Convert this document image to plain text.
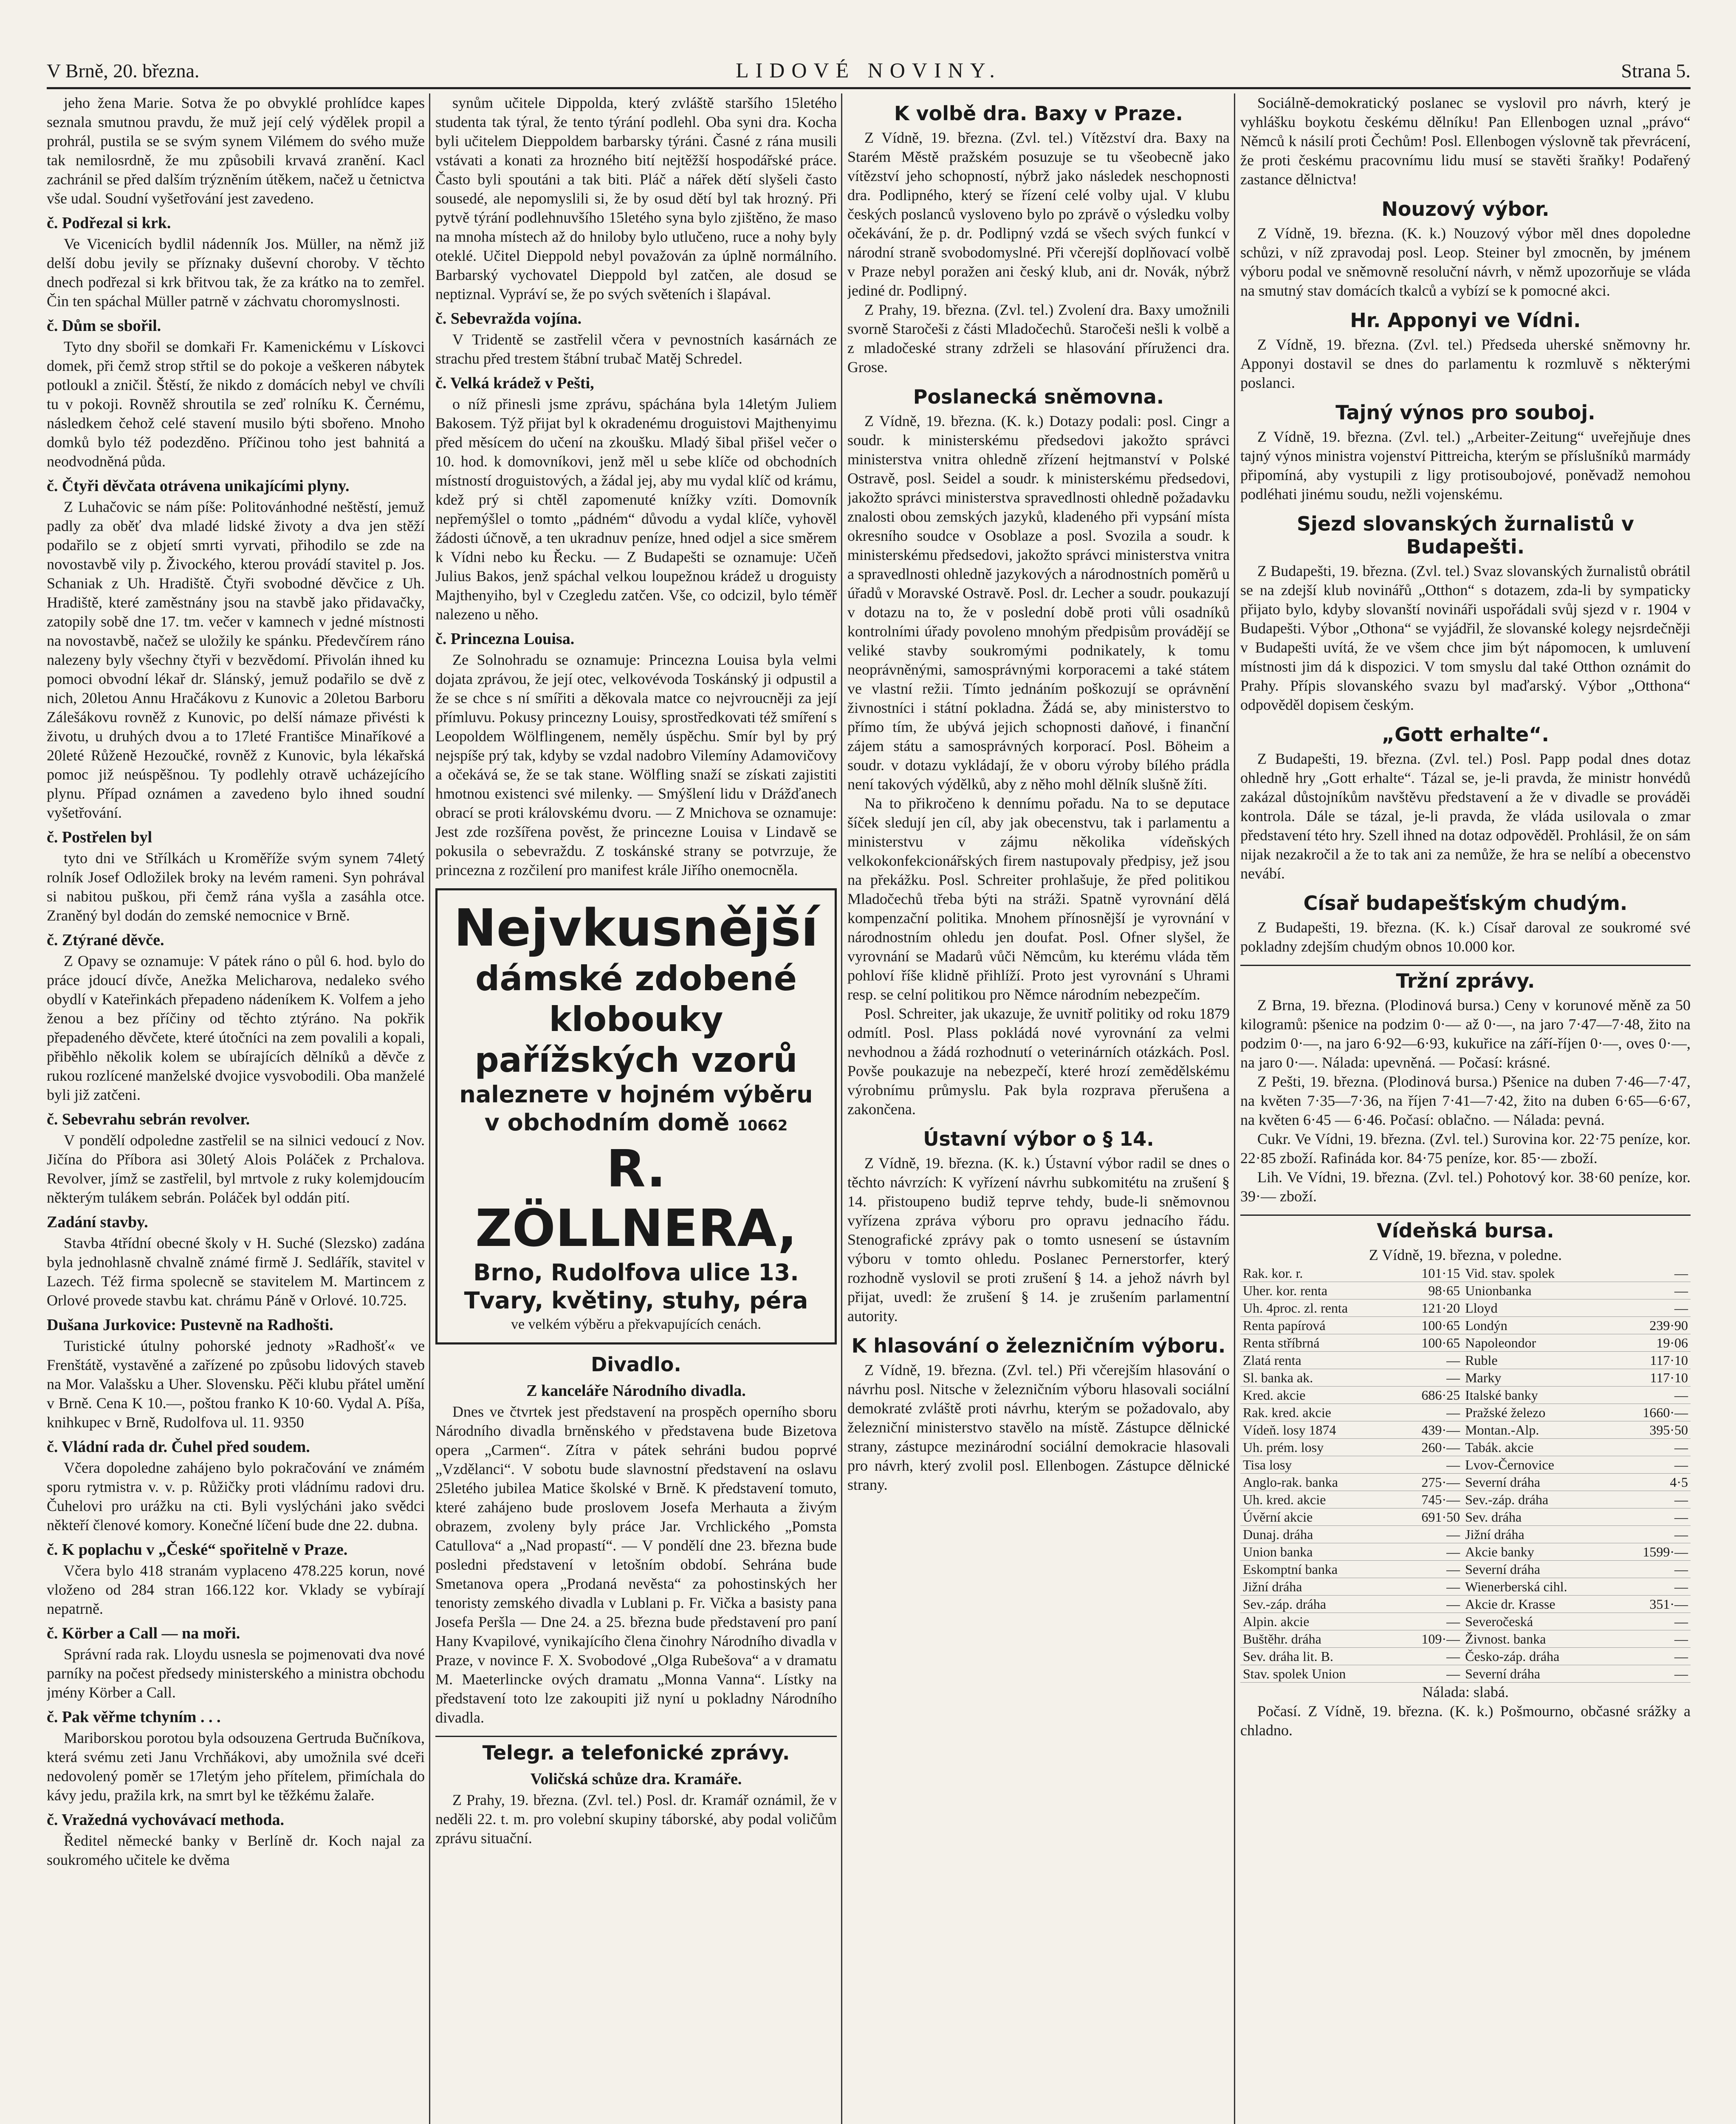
V Brně, 20. března.	LIDOVÉ NOVINY.	Strana 5.

jeho žena Marie. Sotva že po obvyklé prohlídce kapes seznala smutnou pravdu, že muž její celý výdělek propil a prohrál, pustila se se svým synem Vilémem do svého muže tak nemilosrdně, že mu způsobili krvavá zranění. Kacl zachránil se před dalším trýzněním útěkem, načež u četnictva vše udal. Soudní vyšetřování jest zavedeno.

č. Podřezal si krk.

Ve Vicenicích bydlil nádenník Jos. Müller, na němž již delší dobu jevily se příznaky duševní choroby. V těchto dnech podřezal si krk břitvou tak, že za krátko na to zemřel. Čin ten spáchal Müller patrně v záchvatu choromyslnosti.

č. Dům se sbořil.

Tyto dny sbořil se domkaři Fr. Kamenickému v Lískovci domek, při čemž strop střtil se do pokoje a veškeren nábytek potloukl a zničil. Štěstí, že nikdo z domácích nebyl ve chvíli tu v pokoji. Rovněž shroutila se zeď rolníku K. Černému, následkem čehož celé stavení musilo býti sbořeno. Mnoho domků bylo též podezděno. Příčinou toho jest bahnitá a neodvodněná půda.

č. Čtyři děvčata otrávena unikajícími plyny.

Z Luhačovic se nám píše: Politovánhodné neštěstí, jemuž padly za oběť dva mladé lidské životy a dva jen stěží podařilo se z objetí smrti vyrvati, přihodilo se zde na novostavbě vily p. Živockého, kterou provádí stavitel p. Jos. Schaniak z Uh. Hradiště. Čtyři svobodné děvčice z Uh. Hradiště, které zaměstnány jsou na stavbě jako přidavačky, zatopily sobě dne 17. tm. večer v kamnech v jedné místnosti na novostavbě, načež se uložily ke spánku. Předevčírem ráno nalezeny byly všechny čtyři v bezvědomí. Přivolán ihned ku pomoci obvodní lékař dr. Slánský, jemuž podařilo se dvě z nich, 20letou Annu Hračákovu z Kunovic a 20letou Barboru Zálešákovu rovněž z Kunovic, po delší námaze přivésti k životu, u druhých dvou a to 17leté Františce Minaříkové a 20leté Růženě Hezoučké, rovněž z Kunovic, byla lékařská pomoc již neúspěšnou. Ty podlehly otravě ucházejícího plynu. Případ oznámen a zavedeno bylo ihned soudní vyšetřování.

č. Postřelen byl

tyto dni ve Střílkách u Kroměříže svým synem 74letý rolník Josef Odložilek broky na levém rameni. Syn pohrával si nabitou puškou, při čemž rána vyšla a zasáhla otce. Zraněný byl dodán do zemské nemocnice v Brně.

č. Ztýrané děvče.

Z Opavy se oznamuje: V pátek ráno o půl 6. hod. bylo do práce jdoucí dívče, Anežka Melicharova, nedaleko svého obydlí v Kateřinkách přepadeno nádeníkem K. Volfem a jeho ženou a bez příčiny od těchto ztýráno. Na pokřik přepadeného děvčete, které útočníci na zem povalili a kopali, přiběhlo několik kolem se ubírajících dělníků a děvče z rukou rozlícené manželské dvojice vysvobodili. Oba manželé byli již zatčeni.

č. Sebevrahu sebrán revolver.

V pondělí odpoledne zastřelil se na silnici vedoucí z Nov. Jičína do Příbora asi 30letý Alois Poláček z Prchalova. Revolver, jímž se zastřelil, byl mrtvole z ruky kolemjdoucím některým tulákem sebrán. Poláček byl oddán pití.

Zadání stavby.

Stavba 4třídní obecné školy v H. Suché (Slezsko) zadána byla jednohlasně chvalně známé firmě J. Sedlářík, stavitel v Lazech. Též firma spolecně se stavitelem M. Martincem z Orlové provede stavbu kat. chrámu Páně v Orlové. 10.725.

Dušana Jurkovice: Pustevně na Radhošti.

Turistické útulny pohorské jednoty »Radhošť« ve Frenštátě, vystavěné a zařízené po způsobu lidových staveb na Mor. Valašsku a Uher. Slovensku. Pěči klubu přátel umění v Brně. Cena K 10.—, poštou franko K 10·60. Vydal A. Píša, knihkupec v Brně, Rudolfova ul. 11. 9350

č. Vládní rada dr. Čuhel před soudem.

Včera dopoledne zahájeno bylo pokračování ve známém sporu rytmistra v. v. p. Růžičky proti vládnímu radovi dru. Čuhelovi pro urážku na cti. Byli vyslýcháni jako svědci někteří členové komory. Konečné líčení bude dne 22. dubna.

č. K poplachu v „České“ spořitelně v Praze.

Včera bylo 418 stranám vyplaceno 478.225 korun, nové vloženo od 284 stran 166.122 kor. Vklady se vybírají nepatrně.

č. Körber a Call — na moři.

Správní rada rak. Lloydu usnesla se pojmenovati dva nové parníky na počest předsedy ministerského a ministra obchodu jmény Körber a Call.

č. Pak věřme tchyním . . .

Mariborskou porotou byla odsouzena Gertruda Bučníkova, která svému zeti Janu Vrchňákovi, aby umožnila své dceři nedovolený poměr se 17letým jeho přítelem, přimíchala do kávy jedu, pražila krk, na smrt byl ke těžkému žalaře.

č. Vražedná vychovávací methoda.

Ředitel německé banky v Berlíně dr. Koch najal za soukromého učitele ke dvěma

synům učitele Dippolda, který zvláště staršího 15letého studenta tak týral, že tento týrání podlehl. Oba syni dra. Kocha byli učitelem Dieppoldem barbarsky týráni. Časné z rána musili vstávati a konati za hrozného bití nejtěžší hospodářské práce. Často byli spoutáni a tak biti. Pláč a nářek dětí slyšeli často sousedé, ale nepomyslili si, že by osud dětí byl tak hrozný. Při pytvě týrání podlehnuvšího 15letého syna bylo zjištěno, že maso na mnoha místech až do hniloby bylo utlučeno, ruce a nohy byly oteklé. Učitel Dieppold nebyl považován za úplně normálního. Barbarský vychovatel Dieppold byl zatčen, ale dosud se neptiznal. Vypráví se, že po svých světeních i šlapával.

č. Sebevražda vojína.

V Tridentě se zastřelil včera v pevnostních kasárnách ze strachu před trestem štábní trubač Matěj Schredel.

č. Velká krádež v Pešti,

o níž přinesli jsme zprávu, spáchána byla 14letým Juliem Bakosem. Týž přijat byl k okradenému droguistovi Majthenyimu před měsícem do učení na zkoušku. Mladý šibal přišel večer o 10. hod. k domovníkovi, jenž měl u sebe klíče od obchodních místností droguistových, a žádal jej, aby mu vydal klíč od krámu, kdež prý si chtěl zapomenuté knížky vzíti. Domovník nepřemýšlel o tomto „pádném“ důvodu a vydal klíče, vyhověl žádosti účnově, a ten ukradnuv peníze, hned odjel a sice směrem k Vídni nebo ku Řecku. — Z Budapešti se oznamuje: Učeň Julius Bakos, jenž spáchal velkou loupežnou krádež u droguisty Majthenyiho, byl v Czegledu zatčen. Vše, co odcizil, bylo téměř nalezeno u něho.

č. Princezna Louisa.

Ze Solnohradu se oznamuje: Princezna Louisa byla velmi dojata zprávou, že její otec, velkovévoda Toskánský ji odpustil a že se chce s ní smířiti a děkovala matce co nejvroucněji za její přímluvu. Pokusy princezny Louisy, sprostředkovati též smíření s Leopoldem Wölflingenem, neměly úspěchu. Smír byl by prý nejspíše prý tak, kdyby se vzdal nadobro Vilemíny Adamovičovy a očekává se, že se tak stane. Wölfling snaží se získati zajistiti hmotnou existenci své milenky. — Smýšlení lidu v Drážďanech obrací se proti královskému dvoru. — Z Mnichova se oznamuje: Jest zde rozšířena pověst, že princezne Louisa v Lindavě se pokusila o sebevraždu. Z toskánské strany se potvrzuje, že princezna z rozčilení pro manifest krále Jiřího onemocněla.

Nejvkusnější
dámské zdobené klobouky
pařížských vzorů
nalezneте v hojném výběru
v obchodním domě 10662
R. ZÖLLNERA,
Brno, Rudolfova ulice 13.
Tvary, květiny, stuhy, péra
ve velkém výběru a překvapujících cenách.
Divadlo.
Z kanceláře Národního divadla.

Dnes ve čtvrtek jest představení na prospěch operního sboru Národního divadla brněnského v představena bude Bizetova opera „Carmen“. Zítra v pátek sehráni budou poprvé „Vzdělanci“. V sobotu bude slavnostní představení na oslavu 25letého jubilea Matice školské v Brně. K představení tomuto, které zahájeno bude proslovem Josefa Merhauta a živým obrazem, zvoleny byly práce Jar. Vrchlického „Pomsta Catullova“ a „Nad propastí“. — V pondělí dne 23. března bude posledni představení v letošním období. Sehrána bude Smetanova opera „Prodaná nevěsta“ za pohostinských her tenoristy zemského divadla v Lublani p. Fr. Vička a basisty pana Josefa Peršla — Dne 24. a 25. března bude představení pro paní Hany Kvapilové, vynikajícího člena činohry Národního divadla v Praze, v novince F. X. Svobodové „Olga Rubešova“ a v dramatu M. Maeterlincke ových dramatu „Monna Vanna“. Lístky na představení toto lze zakoupiti již nyní u pokladny Národního divadla.

Telegr. a telefonické zprávy.
Voličská schůze dra. Kramáře.

Z Prahy, 19. března. (Zvl. tel.) Posl. dr. Kramář oznámil, že v neděli 22. t. m. pro volební skupiny táborské, aby podal voličům zprávu situační.

K volbě dra. Baxy v Praze.

Z Vídně, 19. března. (Zvl. tel.) Vítězství dra. Baxy na Starém Městě pražském posuzuje se tu všeobecně jako vítězství jeho schopností, nýbrž jako následek neschopnosti dra. Podlipného, který se řízení celé volby ujal. V klubu českých poslanců vysloveno bylo po zprávě o výsledku volby očekávání, že p. dr. Podlipný vzdá se všech svých funkcí v národní straně svobodomyslné. Při včerejší doplňovací volbě v Praze nebyl poražen ani český klub, ani dr. Novák, nýbrž jediné dr. Podlipný.

Z Prahy, 19. března. (Zvl. tel.) Zvolení dra. Baxy umožnili svorně Staročeši z části Mladočechů. Staročeši nešli k volbě a z mladočeské strany zdrželi se hlasování příruženci dra. Grose.

Poslanecká sněmovna.

Z Vídně, 19. března. (K. k.) Dotazy podali: posl. Cingr a soudr. k ministerskému předsedovi jakožto správci ministerstva vnitra ohledně zřízení hejtmanství v Polské Ostravě, posl. Seidel a soudr. k ministerskému předsedovi, jakožto správci ministerstva spravedlnosti ohledně požadavku znalosti obou zemských jazyků, kladeného při vypsání místa okresního soudce v Osoblaze a posl. Svozila a soudr. k ministerskému předsedovi, jakožto správci ministerstva vnitra a spravedlnosti ohledně jazykových a národnostních poměrů u úřadů v Moravské Ostravě. Posl. dr. Lecher a soudr. poukazují v dotazu na to, že v poslední době proti vůli osadníků kontrolními úřady povoleno mnohým předpisům provádějí se veliké stavby soukromými podnikately, k tomu neoprávněnými, samosprávnými korporacemi a také státem ve vlastní režii. Tímto jednáním poškozují se oprávnění živnostníci i státní pokladna. Žádá se, aby ministerstvo to přímo tím, že ubývá jejich schopnosti daňové, i finanční zájem státu a samosprávných korporací. Posl. Böheim a soudr. v dotazu vykládají, že v oboru výroby bílého prádla není takových výdělků, aby z něho mohl dělník slušně žíti.

Na to přikročeno k dennímu pořadu. Na to se deputace šíček sledují jen cíl, aby jak obecenstvu, tak i parlamentu a ministerstvu v zájmu několika vídeňských velkokonfekcionářských firem nastupovaly předpisy, jež jsou na překážku. Posl. Schreiter prohlašuje, že před politikou Mladočechů třeba býti na stráži. Spatně vyrovnání dělá kompenzační politika. Mnohem přínosnější je vyrovnání v národnostním ohledu jen doufat. Posl. Ofner slyšel, že vyrovnání se Madarů vůči Němcům, ku kterému vláda těm pohloví říše klidně přihlíží. Proto jest vyrovnání s Uhrami resp. se celní politikou pro Němce národním nebezpečím.

Posl. Schreiter, jak ukazuje, že uvnitř politiky od roku 1879 odmítl. Posl. Plass pokládá nové vyrovnání za velmi nevhodnou a žádá rozhodnutí o veterinárních otázkách. Posl. Povše poukazuje na nebezpečí, které hrozí zemědělskému výrobnímu průmyslu. Pak byla rozprava přerušena a zakončena.

Ústavní výbor o § 14.

Z Vídně, 19. března. (K. k.) Ústavní výbor radil se dnes o těchto návrzích: K vyřízení návrhu subkomitétu na zrušení § 14. přistoupeno budiž teprve tehdy, bude-li sněmovnou vyřízena zpráva výboru pro opravu jednacího řádu. Stenografické zprávy pak o tomto usnesení se ústavním výboru v tomto ohledu. Poslanec Pernerstorfer, který rozhodně vyslovil se proti zrušení § 14. a jehož návrh byl přijat, uvedl: že zrušení § 14. je zrušením parlamentní autority.

K hlasování o železničním výboru.

Z Vídně, 19. března. (Zvl. tel.) Při včerejším hlasování o návrhu posl. Nitsche v železničním výboru hlasovali sociální demokraté zvláště proti návrhu, kterým se požadovalo, aby železniční ministerstvo stavělo na místě. Zástupce dělnické strany, zástupce mezinárodní sociální demokracie hlasovali pro návrh, který zvolil posl. Ellenbogen. Zástupce dělnické strany.

Sociálně-demokratický poslanec se vyslovil pro návrh, který je vyhlášku boykotu českému dělníku! Pan Ellenbogen uznal „právo“ Němců k násilí proti Čechům! Posl. Ellenbogen výslovně tak převrácení, že proti českému pracovnímu lidu musí se stavěti šraňky! Podařený zastance dělnictva!

Nouzový výbor.

Z Vídně, 19. března. (K. k.) Nouzový výbor měl dnes dopoledne schůzi, v níž zpravodaj posl. Leop. Steiner byl zmocněn, by jménem výboru podal ve sněmovně resoluční návrh, v němž upozorňuje se vláda na smutný stav domácích tkalců a vybízí se k pomocné akci.

Hr. Apponyi ve Vídni.

Z Vídně, 19. března. (Zvl. tel.) Předseda uherské sněmovny hr. Apponyi dostavil se dnes do parlamentu k rozmluvě s některými poslanci.

Tajný výnos pro souboj.

Z Vídně, 19. března. (Zvl. tel.) „Arbeiter-Zeitung“ uveřejňuje dnes tajný výnos ministra vojenství Pittreicha, kterým se příslušníků marmády připomíná, aby vystupili z ligy protisoubojové, poněvadž nemohou podléhati jinému soudu, nežli vojenskému.

Sjezd slovanských žurnalistů v Budapešti.

Z Budapešti, 19. března. (Zvl. tel.) Svaz slovanských žurnalistů obrátil se na zdejší klub novinářů „Otthon“ s dotazem, zda-li by sympaticky přijato bylo, kdyby slovanští novináři uspořádali svůj sjezd v r. 1904 v Budapešti. Výbor „Othona“ se vyjádřil, že slovanské kolegy nejsrdečněji v Budapešti uvítá, že ve všem chce jim být nápomocen, k umluvení místnosti jim dá k dispozici. V tom smyslu dal také Otthon oznámit do Prahy. Přípis slovanského svazu byl maďarský. Výbor „Otthona“ odpověděl dopisem českým.

„Gott erhalte“.

Z Budapešti, 19. března. (Zvl. tel.) Posl. Papp podal dnes dotaz ohledně hry „Gott erhalte“. Tázal se, je-li pravda, že ministr honvédů zakázal důstojníkům navštěvu představení a že v divadle se prováděi kontrola. Dále se tázal, je-li pravda, že vláda usilovala o zmar představení této hry. Szell ihned na dotaz odpověděl. Prohlásil, že on sám nijak nezakročil a že to tak ani za nemůže, že hra se nelíbí a obecenstvo nevábí.

Císař budapešťským chudým.

Z Budapešti, 19. března. (K. k.) Císař daroval ze soukromé své pokladny zdejším chudým obnos 10.000 kor.

Tržní zprávy.

Z Brna, 19. března. (Plodinová bursa.) Ceny v korunové měně za 50 kilogramů: pšenice na podzim 0·— až 0·—, na jaro 7·47—7·48, žito na podzim 0·—, na jaro 6·92—6·93, kukuřice na září-říjen 0·—, oves 0·—, na jaro 0·—. Nálada: upevněná. — Počasí: krásné.

Z Pešti, 19. března. (Plodinová bursa.) Pšenice na duben 7·46—7·47, na květen 7·35—7·36, na říjen 7·41—7·42, žito na duben 6·65—6·67, na květen 6·45 — 6·46. Počasí: oblačno. — Nálada: pevná.

Cukr. Ve Vídni, 19. března. (Zvl. tel.) Surovina kor. 22·75 peníze, kor. 22·85 zboží. Rafináda kor. 84·75 peníze, kor. 85·— zboží.

Lih. Ve Vídni, 19. března. (Zvl. tel.) Pohotový kor. 38·60 peníze, kor. 39·— zboží.

Vídeňská bursa.

Z Vídně, 19. března, v poledne.

Rak. kor. r.	101·15	Vid. stav. spolek	—
Uher. kor. renta	98·65	Unionbanka	—
Uh. 4proc. zl. renta	121·20	Lloyd	—
Renta papírová	100·65	Londýn	239·90
Renta stříbrná	100·65	Napoleondor	19·06
Zlatá renta	—	Ruble	117·10
Sl. banka ak.	—	Marky	117·10
Kred. akcie	686·25	Italské banky	—
Rak. kred. akcie	—	Pražské železo	1660·—
Vídeň. losy 1874	439·—	Montan.-Alp.	395·50
Uh. prém. losy	260·—	Tabák. akcie	—
Tisa losy	—	Lvov-Černovice	—
Anglo-rak. banka	275·—	Severní dráha	4·5
Uh. kred. akcie	745·—	Sev.-záp. dráha	—
Úvěrní akcie	691·50	Sev. dráha	—
Dunaj. dráha	—	Jižní dráha	—
Union banka	—	Akcie banky	1599·—
Eskomptní banka	—	Severní dráha	—
Jižní dráha	—	Wienerberská cihl.	—
Sev.-záp. dráha	—	Akcie dr. Krasse	351·—
Alpin. akcie	—	Severočeská	—
Buštěhr. dráha	109·—	Živnost. banka	—
Sev. dráha lit. B.	—	Česko-záp. dráha	—
Stav. spolek Union	—	Severní dráha	—

Nálada: slabá.

Počasí. Z Vídně, 19. března. (K. k.) Pošmourno, občasné srážky a chladno.
